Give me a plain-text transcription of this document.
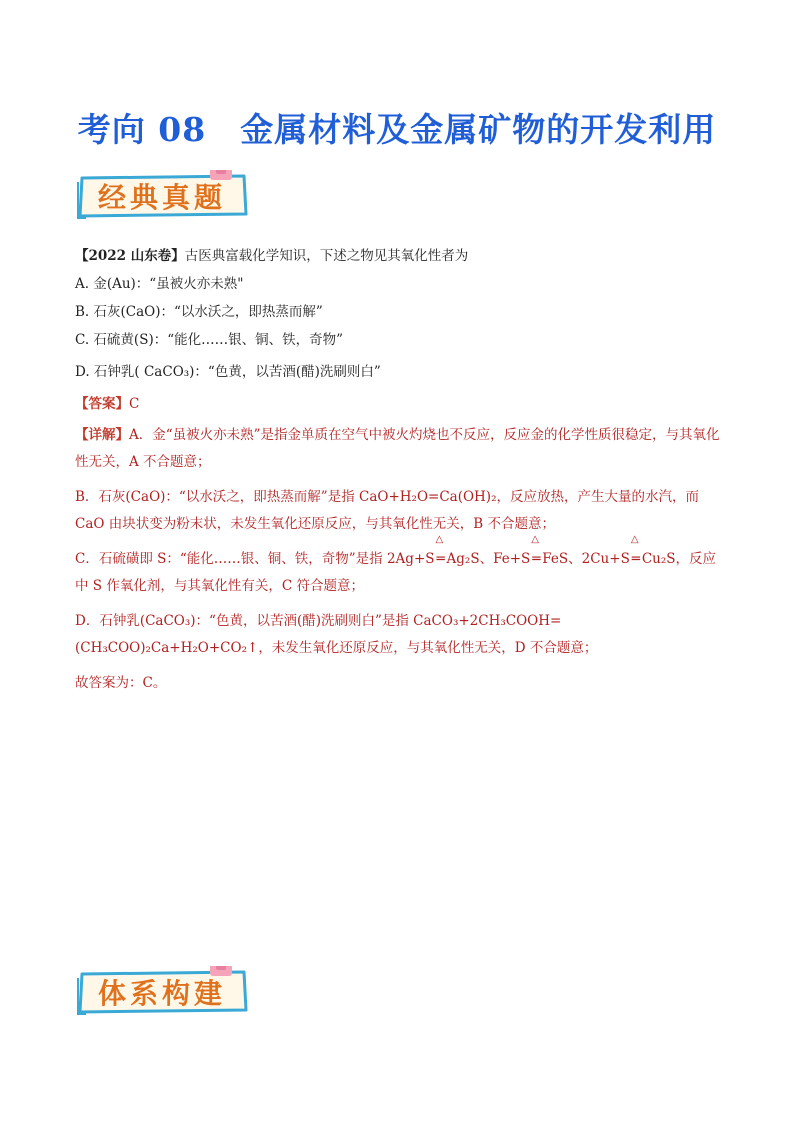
考向 08 金属材料及金属矿物的开发利用
经典真题
【2022 山东卷】古医典富载化学知识，下述之物见其氧化性者为
A. 金(Au)：“虽被火亦未熟"
B. 石灰(CaO)：“以水沃之，即热蒸而解”
C. 石硫黄(S)：“能化……银、铜、铁，奇物”
D. 石钟乳( CaCO₃)：“色黄，以苦酒(醋)洗刷则白”
【答案】C
【详解】A．金“虽被火亦未熟”是指金单质在空气中被火灼烧也不反应，反应金的化学性质很稳定，与其氧化性无关，A 不合题意；
B．石灰(CaO)：“以水沃之，即热蒸而解”是指 CaO+H₂O=Ca(OH)₂，反应放热，产生大量的水汽，而 CaO 由块状变为粉末状，未发生氧化还原反应，与其氧化性无关，B 不合题意；
C．石硫磺即 S：“能化……银、铜、铁，奇物”是指 2Ag+S
△
═ Ag₂S、Fe+S
△
═ FeS、2Cu+S
△
═ Cu₂S，反应中 S 作氧化剂，与其氧化性有关，C 符合题意；
D．石钟乳(CaCO₃)：“色黄，以苦酒(醋)洗刷则白”是指 CaCO₃+2CH₃COOH=(CH₃COO)₂Ca+H₂O+CO₂↑，未发生氧化还原反应，与其氧化性无关，D 不合题意；
故答案为：C。
体系构建
